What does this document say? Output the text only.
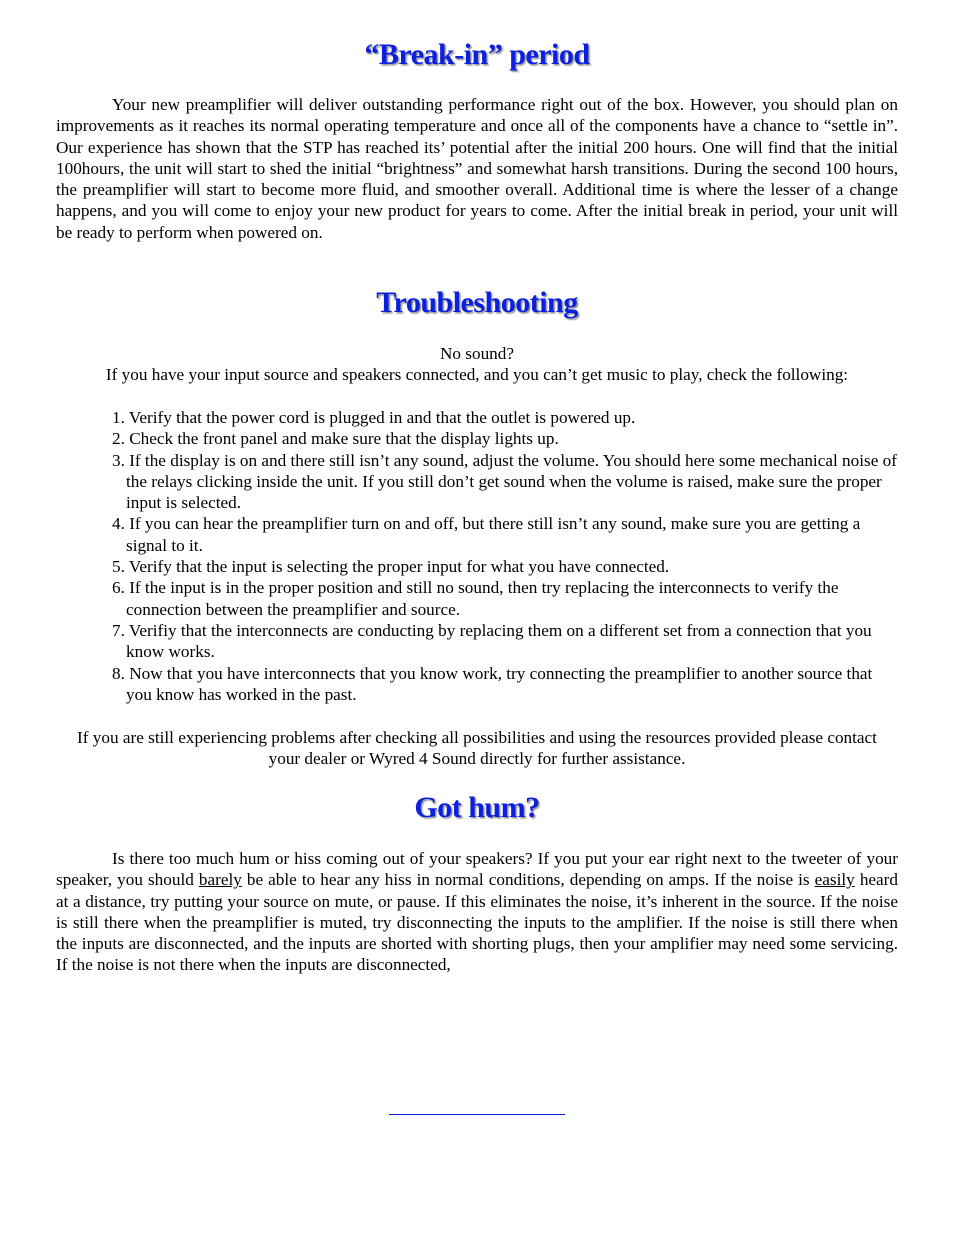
“Break-in” period

Your new preamplifier will deliver outstanding performance right out of the box. However, you should plan on improvements as it reaches its normal operating temperature and once all of the components have a chance to “settle in”. Our experience has shown that the STP has reached its’ potential after the initial 200 hours. One will find that the initial 100hours, the unit will start to shed the initial “brightness” and somewhat harsh transitions. During the second 100 hours, the preamplifier will start to become more fluid, and smoother overall. Additional time is where the lesser of a change happens, and you will come to enjoy your new product for years to come. After the initial break in period, your unit will be ready to perform when powered on.

Troubleshooting

No sound?

If you have your input source and speakers connected, and you can’t get music to play, check the following:

1. Verify that the power cord is plugged in and that the outlet is powered up.
2. Check the front panel and make sure that the display lights up.
3. If the display is on and there still isn’t any sound, adjust the volume. You should here some mechanical noise of the relays clicking inside the unit. If you still don’t get sound when the volume is raised, make sure the proper input is selected.
4. If you can hear the preamplifier turn on and off, but there still isn’t any sound, make sure you are getting a signal to it.
5. Verify that the input is selecting the proper input for what you have connected.
6. If the input is in the proper position and still no sound, then try replacing the interconnects to verify the connection between the preamplifier and source.
7. Verifiy that the interconnects are conducting by replacing them on a different set from a connection that you know works.
8. Now that you have interconnects that you know work, try connecting the preamplifier to another source that you know has worked in the past.

If you are still experiencing problems after checking all possibilities and using the resources provided please contact your dealer or Wyred 4 Sound directly for further assistance.

Got hum?

Is there too much hum or hiss coming out of your speakers? If you put your ear right next to the tweeter of your speaker, you should barely be able to hear any hiss in normal conditions, depending on amps. If the noise is easily heard at a distance, try putting your source on mute, or pause. If this eliminates the noise, it’s inherent in the source. If the noise is still there when the preamplifier is muted, try disconnecting the inputs to the amplifier. If the noise is still there when the inputs are disconnected, and the inputs are shorted with shorting plugs, then your amplifier may need some servicing. If the noise is not there when the inputs are disconnected,
